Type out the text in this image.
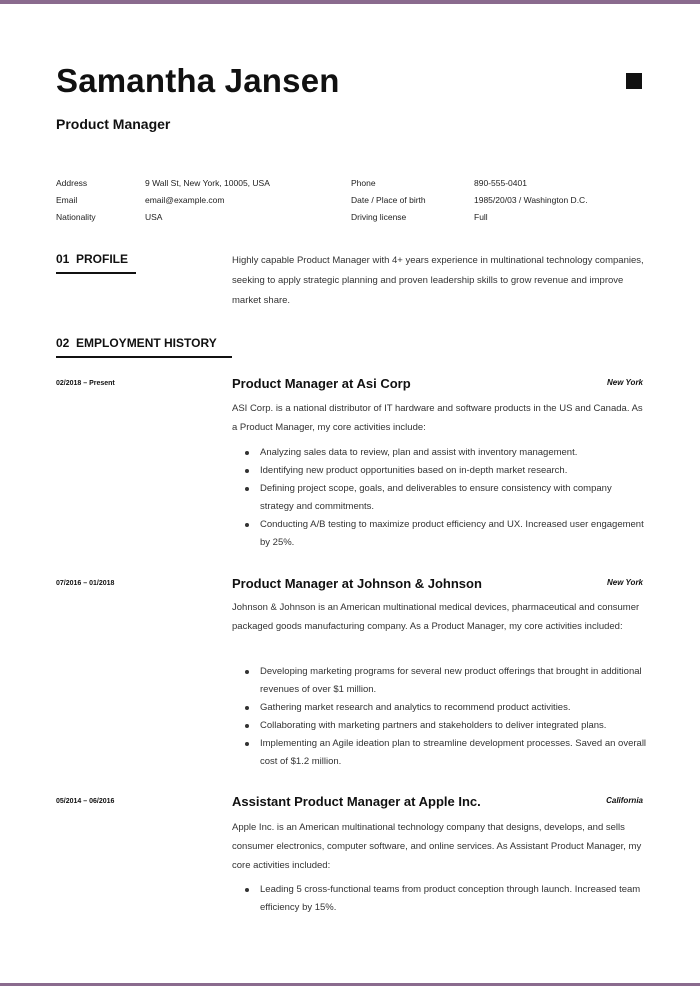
Samantha Jansen
Product Manager
Address	9 Wall St, New York, 10005, USA
Email	email@example.com
Nationality	USA
Phone	890-555-0401
Date / Place of birth	1985/20/03 / Washington D.C.
Driving license	Full
01  PROFILE	Highly capable Product Manager with 4+ years experience in multinational technology companies, seeking to apply strategic planning and proven leadership skills to grow revenue and improve market share.
02  EMPLOYMENT HISTORY
02/2018 – Present	Product Manager at Asi Corp	New York
ASI Corp. is a national distributor of IT hardware and software products in the US and Canada. As a Product Manager, my core activities include:
Analyzing sales data to review, plan and assist with inventory management.
Identifying new product opportunities based on in-depth market research.
Defining project scope, goals, and deliverables to ensure consistency with company strategy and commitments.
Conducting A/B testing to maximize product efficiency and UX. Increased user engagement by 25%.
07/2016 – 01/2018	Product Manager at Johnson & Johnson	New York
Johnson & Johnson is an American multinational medical devices, pharmaceutical and consumer packaged goods manufacturing company. As a Product Manager, my core activities included:
Developing marketing programs for several new product offerings that brought in additional revenues of over $1 million.
Gathering market research and analytics to recommend product activities.
Collaborating with marketing partners and stakeholders to deliver integrated plans.
Implementing an Agile ideation plan to streamline development processes. Saved an overall cost of $1.2 million.
05/2014 – 06/2016	Assistant Product Manager at Apple Inc.	California
Apple Inc. is an American multinational technology company that designs, develops, and sells consumer electronics, computer software, and online services. As Assistant Product Manager, my core activities included:
Leading 5 cross-functional teams from product conception through launch. Increased team efficiency by 15%.
